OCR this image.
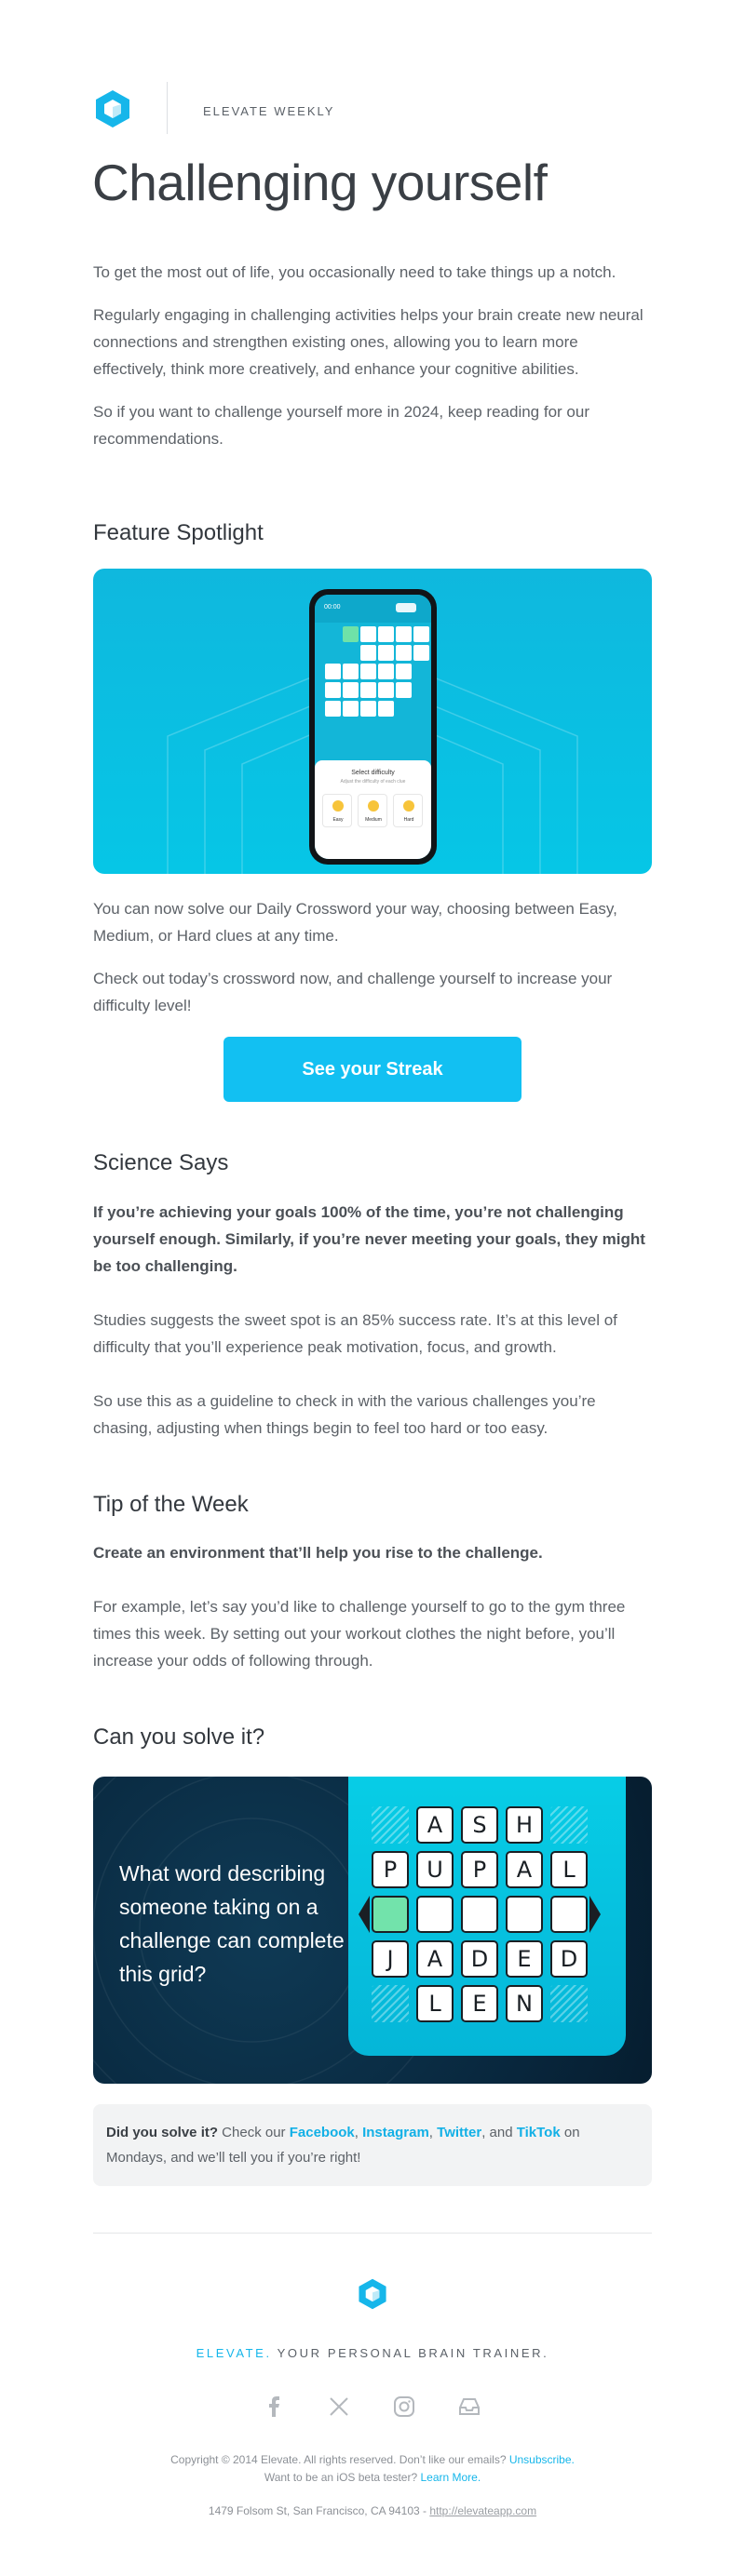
ELEVATE WEEKLY
Challenging yourself

To get the most out of life, you occasionally need to take things up a notch.

Regularly engaging in challenging activities helps your brain create new neural connections and strengthen existing ones, allowing you to learn more effectively, think more creatively, and enhance your cognitive abilities.

So if you want to challenge yourself more in 2024, keep reading for our recommendations.

Feature Spotlight
00:00
Select difficulty
Adjust the difficulty of each clue
Easy	Medium	Hard

You can now solve our Daily Crossword your way, choosing between Easy, Medium, or Hard clues at any time.

Check out today’s crossword now, and challenge yourself to increase your difficulty level!

See your Streak
Science Says

If you’re achieving your goals 100% of the time, you’re not challenging yourself enough. Similarly, if you’re never meeting your goals, they might be too challenging.

Studies suggests the sweet spot is an 85% success rate. It’s at this level of difficulty that you’ll experience peak motivation, focus, and growth.

So use this as a guideline to check in with the various challenges you’re chasing, adjusting when things begin to feel too hard or too easy.

Tip of the Week

Create an environment that’ll help you rise to the challenge.

For example, let’s say you’d like to challenge yourself to go to the gym three times this week. By setting out your workout clothes the night before, you’ll increase your odds of following through.

Can you solve it?
What word describing someone taking on a challenge can complete this grid?
A	S	H
P	U	P	A	L
J	A	D	E	D
L	E	N
Did you solve it? Check our Facebook, Instagram, Twitter, and TikTok on Mondays, and we’ll tell you if you’re right!
ELEVATE. YOUR PERSONAL BRAIN TRAINER.
Copyright © 2014 Elevate. All rights reserved. Don’t like our emails? Unsubscribe.
Want to be an iOS beta tester? Learn More.
1479 Folsom St, San Francisco, CA 94103 - http://elevateapp.com
